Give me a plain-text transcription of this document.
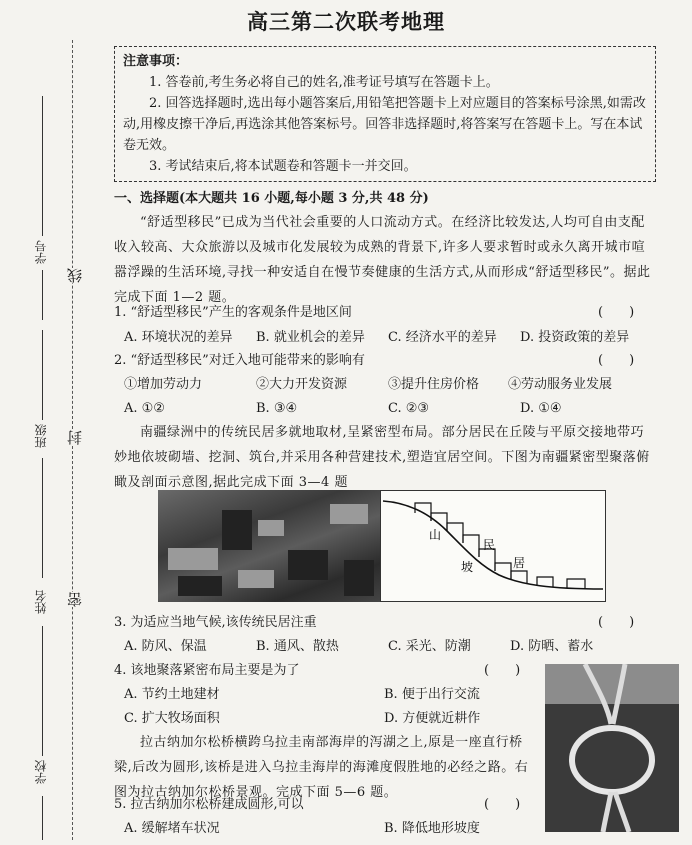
学号
班级
姓名
学校
线
封
密
高三第二次联考地理

注意事项：

1. 答卷前,考生务必将自己的姓名,准考证号填写在答题卡上。

2. 回答选择题时,选出每小题答案后,用铅笔把答题卡上对应题目的答案标号涂黑,如需改动,用橡皮擦干净后,再选涂其他答案标号。回答非选择题时,将答案写在答题卡上。写在本试卷无效。

3. 考试结束后,将本试题卷和答题卡一并交回。

一、选择题(本大题共 16 小题,每小题 3 分,共 48 分)
“舒适型移民”已成为当代社会重要的人口流动方式。在经济比较发达,人均可自由支配收入较高、大众旅游以及城市化发展较为成熟的背景下,许多人要求暂时或永久离开城市喧嚣浮躁的生活环境,寻找一种安适自在慢节奏健康的生活方式,从而形成“舒适型移民”。据此完成下面 1—2 题。
1. “舒适型移民”产生的客观条件是地区间	(　　)
A. 环境状况的差异 B. 就业机会的差异 C. 经济水平的差异 D. 投资政策的差异
2. “舒适型移民”对迁入地可能带来的影响有	(　　)
①增加劳动力	②大力开发资源	③提升住房价格 ④劳动服务业发展
A. ①②	B. ③④	C. ②③	D. ①④
南疆绿洲中的传统民居多就地取材,呈紧密型布局。部分居民在丘陵与平原交接地带巧妙地依坡砌墙、挖洞、筑台,并采用各种营建技术,塑造宜居空间。下图为南疆紧密型聚落俯瞰及剖面示意图,据此完成下面 3—4 题
山
坡
民
居
3. 为适应当地气候,该传统民居注重	(　　)
A. 防风、保温	B. 通风、散热	C. 采光、防潮	D. 防晒、蓄水
4. 该地聚落紧密布局主要是为了	(　　)
A. 节约土地建材	B. 便于出行交流
C. 扩大牧场面积	D. 方便就近耕作
拉古纳加尔松桥横跨乌拉圭南部海岸的泻湖之上,原是一座直行桥梁,后改为圆形,该桥是进入乌拉圭海岸的海滩度假胜地的必经之路。右图为拉古纳加尔松桥景观。完成下面 5—6 题。
5. 拉古纳加尔松桥建成圆形,可以	(　　)
A. 缓解堵车状况	B. 降低地形坡度
